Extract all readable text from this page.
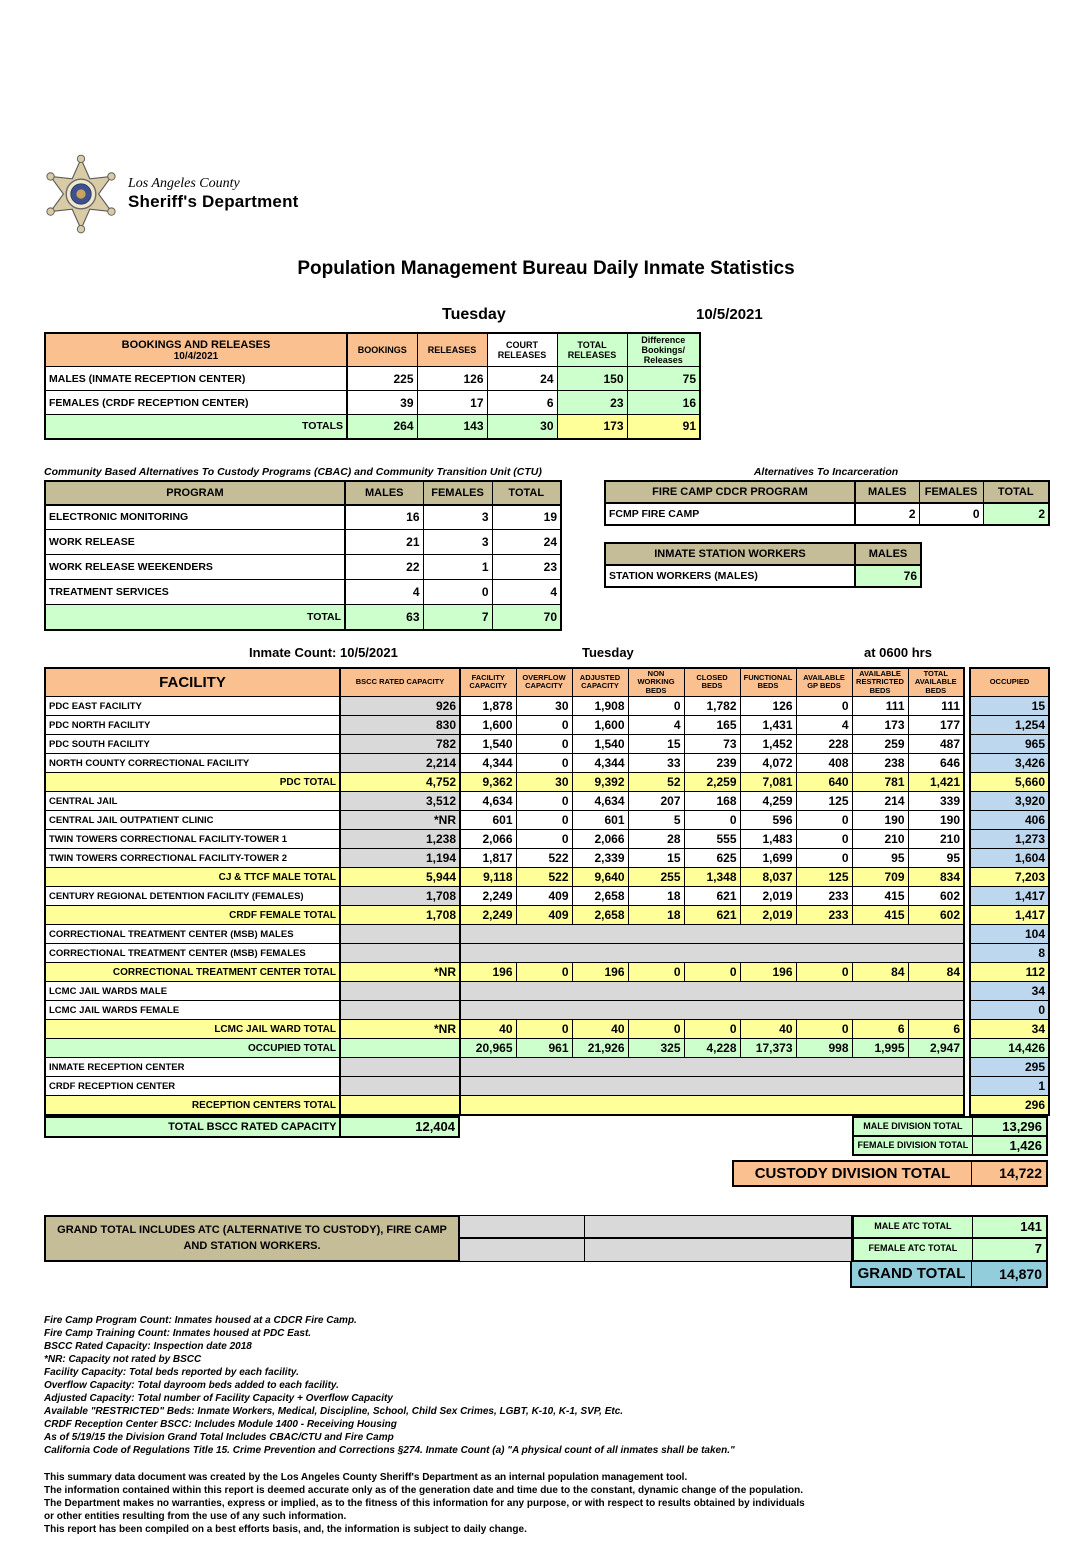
Los Angeles County
Sheriff's Department
Population Management Bureau Daily Inmate Statistics
Tuesday	10/5/2021
BOOKINGS AND RELEASES
10/4/2021	BOOKINGS	RELEASES	COURT RELEASES	TOTAL RELEASES	Difference Bookings/ Releases
MALES (INMATE RECEPTION CENTER)	225	126	24	150	75
FEMALES (CRDF RECEPTION CENTER)	39	17	6	23	16
TOTALS	264	143	30	173	91
Community Based Alternatives To Custody Programs (CBAC) and Community Transition Unit (CTU)
PROGRAM	MALES	FEMALES	TOTAL
ELECTRONIC MONITORING	16	3	19
WORK RELEASE	21	3	24
WORK RELEASE WEEKENDERS	22	1	23
TREATMENT SERVICES	4	0	4
TOTAL	63	7	70
Alternatives To Incarceration
FIRE CAMP CDCR PROGRAM	MALES	FEMALES	TOTAL
FCMP FIRE CAMP	2	0	2
INMATE STATION WORKERS	MALES
STATION WORKERS (MALES)	76
Inmate Count: 10/5/2021	Tuesday	at 0600 hrs
FACILITY	BSCC RATED CAPACITY	FACILITY CAPACITY	OVERFLOW CAPACITY	ADJUSTED CAPACITY	NON WORKING BEDS	CLOSED BEDS	FUNCTIONAL BEDS	AVAILABLE GP BEDS	AVAILABLE RESTRICTED BEDS	TOTAL AVAILABLE BEDS		OCCUPIED
PDC EAST FACILITY	926	1,878	30	1,908	0	1,782	126	0	111	111		15
PDC NORTH FACILITY	830	1,600	0	1,600	4	165	1,431	4	173	177		1,254
PDC SOUTH FACILITY	782	1,540	0	1,540	15	73	1,452	228	259	487		965
NORTH COUNTY CORRECTIONAL FACILITY	2,214	4,344	0	4,344	33	239	4,072	408	238	646		3,426
PDC TOTAL	4,752	9,362	30	9,392	52	2,259	7,081	640	781	1,421		5,660
CENTRAL JAIL	3,512	4,634	0	4,634	207	168	4,259	125	214	339		3,920
CENTRAL JAIL OUTPATIENT CLINIC	*NR	601	0	601	5	0	596	0	190	190		406
TWIN TOWERS CORRECTIONAL FACILITY-TOWER 1	1,238	2,066	0	2,066	28	555	1,483	0	210	210		1,273
TWIN TOWERS CORRECTIONAL FACILITY-TOWER 2	1,194	1,817	522	2,339	15	625	1,699	0	95	95		1,604
CJ & TTCF MALE TOTAL	5,944	9,118	522	9,640	255	1,348	8,037	125	709	834		7,203
CENTURY REGIONAL DETENTION FACILITY (FEMALES)	1,708	2,249	409	2,658	18	621	2,019	233	415	602		1,417
CRDF FEMALE TOTAL	1,708	2,249	409	2,658	18	621	2,019	233	415	602		1,417
CORRECTIONAL TREATMENT CENTER (MSB) MALES												104
CORRECTIONAL TREATMENT CENTER (MSB) FEMALES												8
CORRECTIONAL TREATMENT CENTER TOTAL	*NR	196	0	196	0	0	196	0	84	84		112
LCMC JAIL WARDS MALE												34
LCMC JAIL WARDS FEMALE												0
LCMC JAIL WARD TOTAL	*NR	40	0	40	0	0	40	0	6	6		34
OCCUPIED TOTAL		20,965	961	21,926	325	4,228	17,373	998	1,995	2,947		14,426
INMATE RECEPTION CENTER												295
CRDF RECEPTION CENTER												1
RECEPTION CENTERS TOTAL												296
TOTAL BSCC RATED CAPACITY	12,404	MALE DIVISION TOTAL	13,296
FEMALE DIVISION TOTAL	1,426
CUSTODY DIVISION TOTAL	14,722
GRAND TOTAL INCLUDES ATC (ALTERNATIVE TO CUSTODY), FIRE CAMP AND STATION WORKERS.
MALE ATC TOTAL	141
FEMALE ATC TOTAL	7
GRAND TOTAL	14,870
Fire Camp Program Count: Inmates housed at a CDCR Fire Camp.
Fire Camp Training Count: Inmates housed at PDC East.
BSCC Rated Capacity: Inspection date 2018
*NR: Capacity not rated by BSCC
Facility Capacity: Total beds reported by each facility.
Overflow Capacity: Total dayroom beds added to each facility.
Adjusted Capacity: Total number of Facility Capacity + Overflow Capacity
Available "RESTRICTED" Beds: Inmate Workers, Medical, Discipline, School, Child Sex Crimes, LGBT, K-10, K-1, SVP, Etc.
CRDF Reception Center BSCC: Includes Module 1400 - Receiving Housing
As of 5/19/15 the Division Grand Total Includes CBAC/CTU and Fire Camp
California Code of Regulations Title 15. Crime Prevention and Corrections §274. Inmate Count (a) "A physical count of all inmates shall be taken."
This summary data document was created by the Los Angeles County Sheriff's Department as an internal population management tool.
The information contained within this report is deemed accurate only as of the generation date and time due to the constant, dynamic change of the population.
The Department makes no warranties, express or implied, as to the fitness of this information for any purpose, or with respect to results obtained by individuals
or other entities resulting from the use of any such information.
This report has been compiled on a best efforts basis, and, the information is subject to daily change.
